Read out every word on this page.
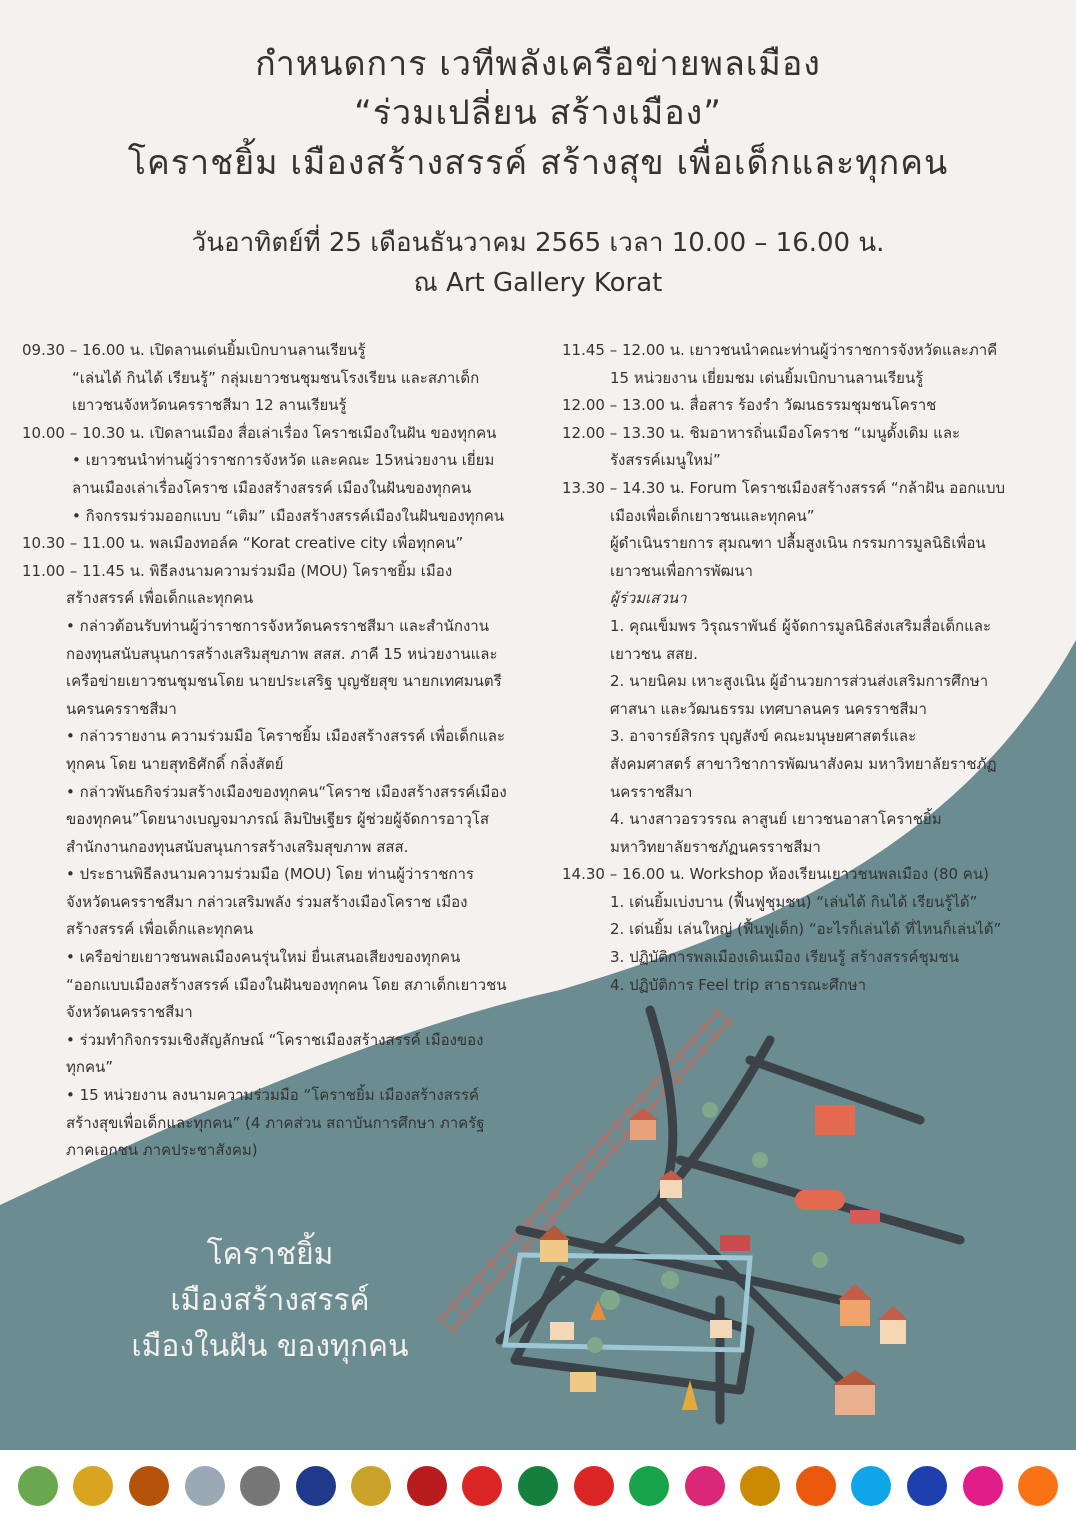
กำหนดการ เวทีพลังเครือข่ายพลเมือง
“ร่วมเปลี่ยน สร้างเมือง”
โคราชยิ้ม เมืองสร้างสรรค์ สร้างสุข เพื่อเด็กและทุกคน
วันอาทิตย์ที่ 25 เดือนธันวาคม 2565 เวลา 10.00 – 16.00 น.
ณ Art Gallery Korat
09.30 – 16.00 น. เปิดลานเด่นยิ้มเบิกบานลานเรียนรู้
“เล่นได้ กินได้ เรียนรู้” กลุ่มเยาวชนชุมชนโรงเรียน และสภาเด็ก
เยาวชนจังหวัดนครราชสีมา 12 ลานเรียนรู้
10.00 – 10.30 น. เปิดลานเมือง สื่อเล่าเรื่อง โคราชเมืองในฝัน ของทุกคน
• เยาวชนนำท่านผู้ว่าราชการจังหวัด และคณะ 15หน่วยงาน เยี่ยม
ลานเมืองเล่าเรื่องโคราช เมืองสร้างสรรค์ เมืองในฝันของทุกคน
• กิจกรรมร่วมออกแบบ “เติม” เมืองสร้างสรรค์เมืองในฝันของทุกคน
10.30 – 11.00 น. พลเมืองทอล์ค “Korat creative city เพื่อทุกคน”
11.00 – 11.45 น. พิธีลงนามความร่วมมือ (MOU) โคราชยิ้ม เมือง
สร้างสรรค์ เพื่อเด็กและทุกคน
• กล่าวต้อนรับท่านผู้ว่าราชการจังหวัดนครราชสีมา และสำนักงาน
กองทุนสนับสนุนการสร้างเสริมสุขภาพ สสส. ภาคี 15 หน่วยงานและ
เครือข่ายเยาวชนชุมชนโดย นายประเสริฐ บุญชัยสุข นายกเทศมนตรี
นครนครราชสีมา
• กล่าวรายงาน ความร่วมมือ โคราชยิ้ม เมืองสร้างสรรค์ เพื่อเด็กและ
ทุกคน โดย นายสุทธิศักดิ์ กลิ่งสัตย์
• กล่าวพันธกิจร่วมสร้างเมืองของทุกคน“โคราช เมืองสร้างสรรค์เมือง
ของทุกคน”โดยนางเบญจมาภรณ์ ลิมปิษเฐียร ผู้ช่วยผู้จัดการอาวุโส
สำนักงานกองทุนสนับสนุนการสร้างเสริมสุขภาพ สสส.
• ประธานพิธีลงนามความร่วมมือ (MOU) โดย ท่านผู้ว่าราชการ
จังหวัดนครราชสีมา กล่าวเสริมพลัง ร่วมสร้างเมืองโคราช เมือง
สร้างสรรค์ เพื่อเด็กและทุกคน
• เครือข่ายเยาวชนพลเมืองคนรุ่นใหม่ ยื่นเสนอเสียงของทุกคน
“ออกแบบเมืองสร้างสรรค์ เมืองในฝันของทุกคน โดย สภาเด็กเยาวชน
จังหวัดนครราชสีมา
• ร่วมทำกิจกรรมเชิงสัญลักษณ์ “โคราชเมืองสร้างสรรค์ เมืองของ
ทุกคน”
• 15 หน่วยงาน ลงนามความร่วมมือ “โคราชยิ้ม เมืองสร้างสรรค์
สร้างสุขเพื่อเด็กและทุกคน” (4 ภาคส่วน สถาบันการศึกษา ภาครัฐ
ภาคเอกชน ภาคประชาสังคม)
11.45 – 12.00 น. เยาวชนนำคณะท่านผู้ว่าราชการจังหวัดและภาคี
15 หน่วยงาน เยี่ยมชม เด่นยิ้มเบิกบานลานเรียนรู้
12.00 – 13.00 น. สื่อสาร ร้องรำ วัฒนธรรมชุมชนโคราช
12.00 – 13.30 น. ชิมอาหารถิ่นเมืองโคราช “เมนูดั้งเดิม และ
รังสรรค์เมนูใหม่”
13.30 – 14.30 น. Forum โคราชเมืองสร้างสรรค์ “กล้าฝัน ออกแบบ
เมืองเพื่อเด็กเยาวชนและทุกคน”
ผู้ดำเนินรายการ สุมณฑา ปลื้มสูงเนิน กรรมการมูลนิธิเพื่อน
เยาวชนเพื่อการพัฒนา
ผู้ร่วมเสวนา
1. คุณเข็มพร วิรุณราพันธ์ ผู้จัดการมูลนิธิส่งเสริมสื่อเด็กและ
เยาวชน สสย.
2. นายนิคม เหาะสูงเนิน ผู้อำนวยการส่วนส่งเสริมการศึกษา
ศาสนา และวัฒนธรรม เทศบาลนคร นครราชสีมา
3. อาจารย์สิรกร บุญสังข์ คณะมนุษยศาสตร์และ
สังคมศาสตร์ สาขาวิชาการพัฒนาสังคม มหาวิทยาลัยราชภัฏ
นครราชสีมา
4. นางสาวอรวรรณ ลาสูนย์ เยาวชนอาสาโคราชยิ้ม
มหาวิทยาลัยราชภัฏนครราชสีมา
14.30 – 16.00 น. Workshop ห้องเรียนเยาวชนพลเมือง (80 คน)
1. เด่นยิ้มเบ่งบาน (ฟื้นฟูชุมชน) “เล่นได้ กินได้ เรียนรู้ได้”
2. เด่นยิ้ม เล่นใหญ่ (ฟื้นฟูเด็ก) “อะไรก็เล่นได้ ที่ไหนก็เล่นได้”
3. ปฏิบัติการพลเมืองเดินเมือง เรียนรู้ สร้างสรรค์ชุมชน
4. ปฏิบัติการ Feel trip สาธารณะศึกษา
โคราชยิ้ม
เมืองสร้างสรรค์
เมืองในฝัน ของทุกคน
